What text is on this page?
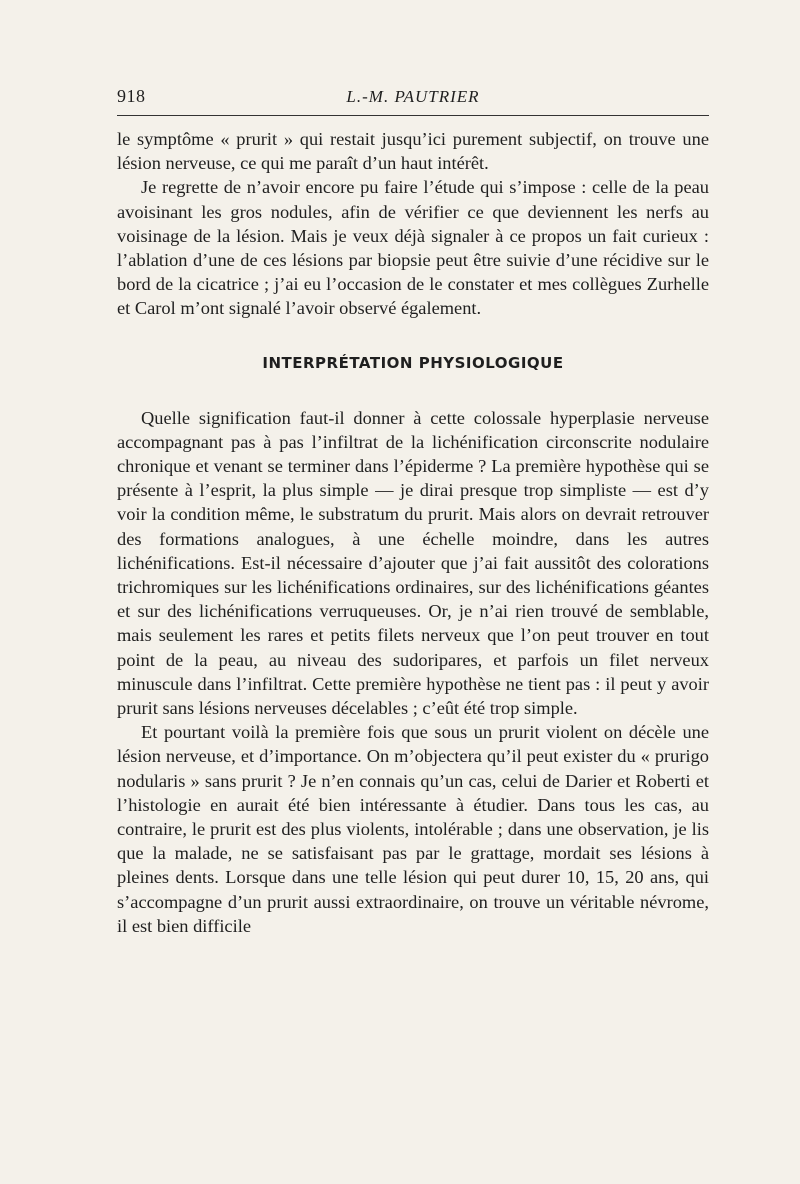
918	L.-M. PAUTRIER

le symptôme « prurit » qui restait jusqu’ici purement subjectif, on trouve une lésion nerveuse, ce qui me paraît d’un haut intérêt.

Je regrette de n’avoir encore pu faire l’étude qui s’impose : celle de la peau avoisinant les gros nodules, afin de vérifier ce que deviennent les nerfs au voisinage de la lésion. Mais je veux déjà signaler à ce propos un fait curieux : l’ablation d’une de ces lésions par biopsie peut être suivie d’une récidive sur le bord de la cicatrice ; j’ai eu l’occasion de le constater et mes collègues Zurhelle et Carol m’ont signalé l’avoir observé également.

INTERPRÉTATION PHYSIOLOGIQUE

Quelle signification faut-il donner à cette colossale hyperplasie nerveuse accompagnant pas à pas l’infiltrat de la lichénification circonscrite nodulaire chronique et venant se terminer dans l’épiderme ? La première hypothèse qui se présente à l’esprit, la plus simple — je dirai presque trop simpliste — est d’y voir la condition même, le substratum du prurit. Mais alors on devrait retrouver des formations analogues, à une échelle moindre, dans les autres lichénifications. Est-il nécessaire d’ajouter que j’ai fait aussitôt des colorations trichromiques sur les lichénifications ordinaires, sur des lichénifications géantes et sur des lichénifications verruqueuses. Or, je n’ai rien trouvé de semblable, mais seulement les rares et petits filets nerveux que l’on peut trouver en tout point de la peau, au niveau des sudoripares, et parfois un filet nerveux minuscule dans l’infiltrat. Cette première hypothèse ne tient pas : il peut y avoir prurit sans lésions nerveuses décelables ; c’eût été trop simple.

Et pourtant voilà la première fois que sous un prurit violent on décèle une lésion nerveuse, et d’importance. On m’objectera qu’il peut exister du « prurigo nodularis » sans prurit ? Je n’en connais qu’un cas, celui de Darier et Roberti et l’histologie en aurait été bien intéressante à étudier. Dans tous les cas, au contraire, le prurit est des plus violents, intolérable ; dans une observation, je lis que la malade, ne se satisfaisant pas par le grattage, mordait ses lésions à pleines dents. Lorsque dans une telle lésion qui peut durer 10, 15, 20 ans, qui s’accompagne d’un prurit aussi extraordinaire, on trouve un véritable névrome, il est bien difficile
